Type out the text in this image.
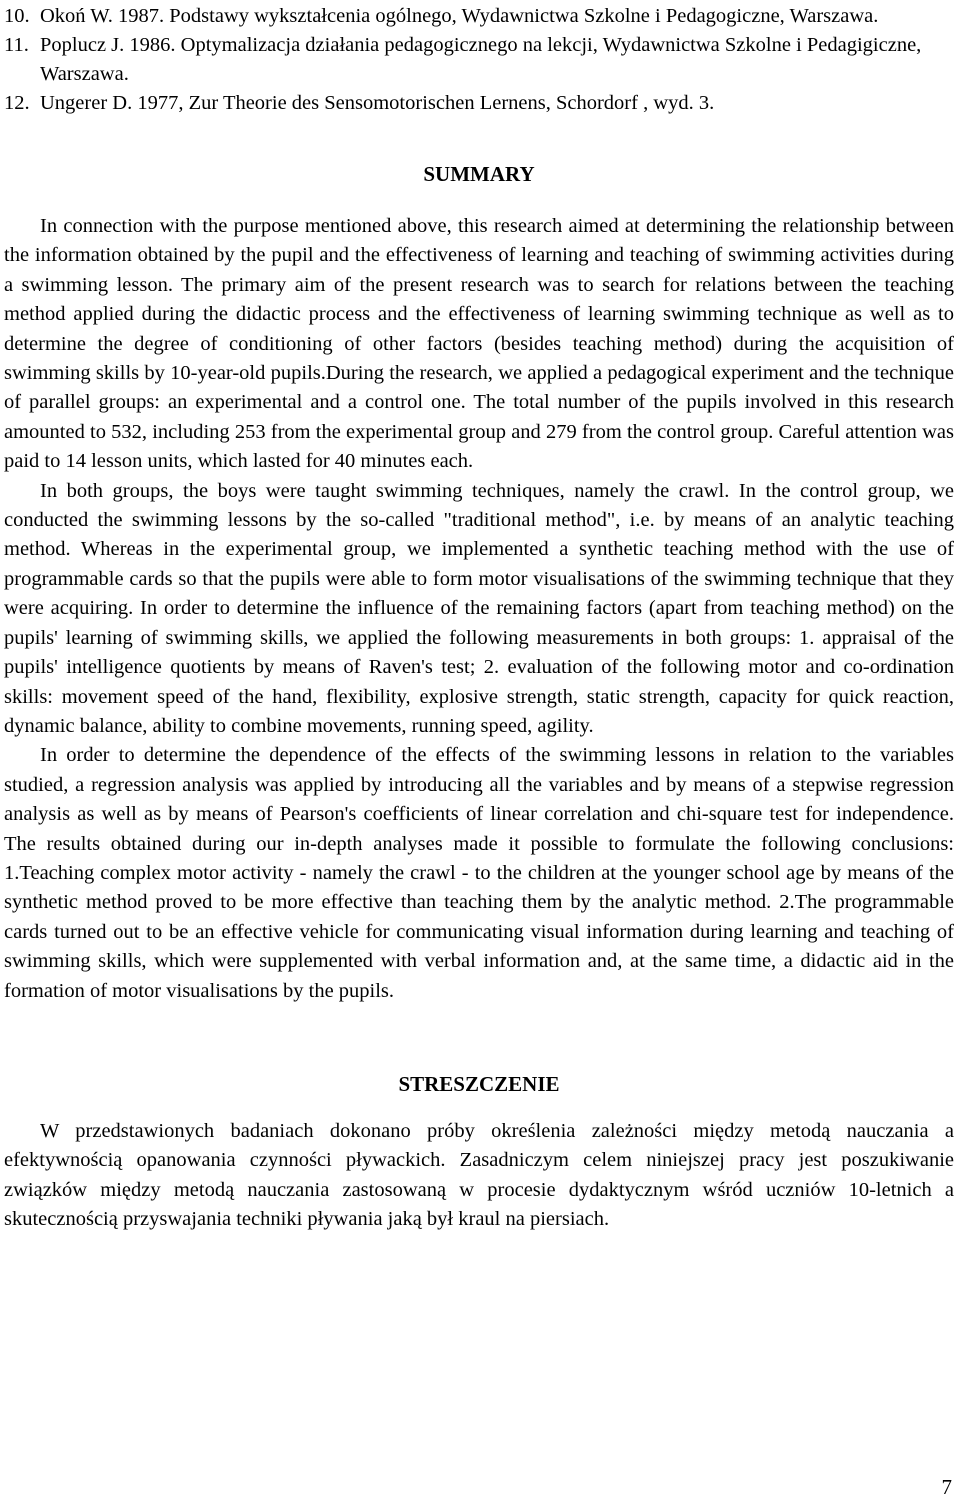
10. Okoń W. 1987. Podstawy wykształcenia ogólnego, Wydawnictwa Szkolne i Pedagogiczne, Warszawa.
11. Poplucz J. 1986. Optymalizacja działania pedagogicznego na lekcji, Wydawnictwa Szkolne i Pedagigiczne, Warszawa.
12. Ungerer D. 1977, Zur Theorie des Sensomotorischen Lernens, Schordorf , wyd. 3.
SUMMARY

In connection with the purpose mentioned above, this research aimed at determining the relationship between the information obtained by the pupil and the effectiveness of learning and teaching of swimming activities during a swimming lesson. The primary aim of the present research was to search for relations between the teaching method applied during the didactic process and the effectiveness of learning swimming technique as well as to determine the degree of conditioning of other factors (besides teaching method) during the acquisition of swimming skills by 10-year-old pupils.During the research, we applied a pedagogical experiment and the technique of parallel groups: an experimental and a control one. The total number of the pupils involved in this research amounted to 532, including 253 from the experimental group and 279 from the control group. Careful attention was paid to 14 lesson units, which lasted for 40 minutes each.

In both groups, the boys were taught swimming techniques, namely the crawl. In the control group, we conducted the swimming lessons by the so-called "traditional method", i.e. by means of an analytic teaching method. Whereas in the experimental group, we implemented a synthetic teaching method with the use of programmable cards so that the pupils were able to form motor visualisations of the swimming technique that they were acquiring. In order to determine the influence of the remaining factors (apart from teaching method) on the pupils' learning of swimming skills, we applied the following measurements in both groups: 1. appraisal of the pupils' intelligence quotients by means of Raven's test; 2. evaluation of the following motor and co-ordination skills: movement speed of the hand, flexibility, explosive strength, static strength, capacity for quick reaction, dynamic balance, ability to combine movements, running speed, agility.

In order to determine the dependence of the effects of the swimming lessons in relation to the variables studied, a regression analysis was applied by introducing all the variables and by means of a stepwise regression analysis as well as by means of Pearson's coefficients of linear correlation and chi-square test for independence. The results obtained during our in-depth analyses made it possible to formulate the following conclusions: 1.Teaching complex motor activity - namely the crawl - to the children at the younger school age by means of the synthetic method proved to be more effective than teaching them by the analytic method. 2.The programmable cards turned out to be an effective vehicle for communicating visual information during learning and teaching of swimming skills, which were supplemented with verbal information and, at the same time, a didactic aid in the formation of motor visualisations by the pupils.

STRESZCZENIE

W przedstawionych badaniach dokonano próby określenia zależności między metodą nauczania a efektywnością opanowania czynności pływackich. Zasadniczym celem niniejszej pracy jest poszukiwanie związków między metodą nauczania zastosowaną w procesie dydaktycznym wśród uczniów 10-letnich a skutecznością przyswajania techniki pływania jaką był kraul na piersiach.

7
